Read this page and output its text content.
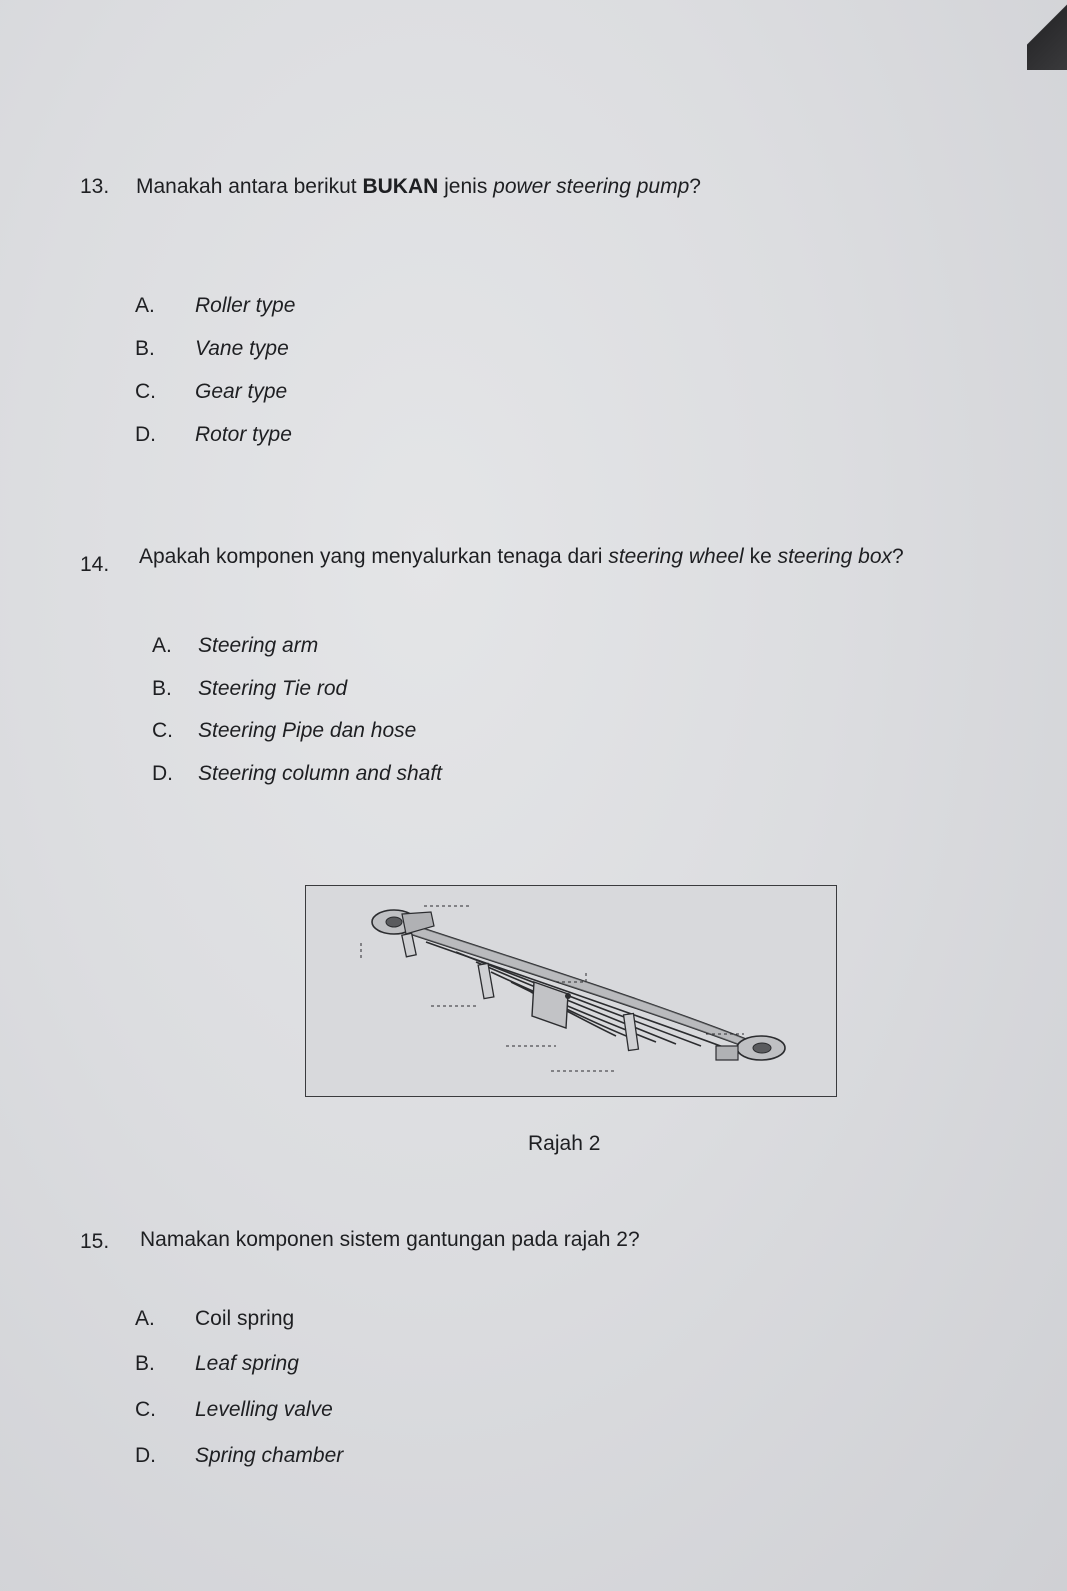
13. Manakah antara berikut BUKAN jenis power steering pump?
A. Roller type
B. Vane type
C. Gear type
D. Rotor type
14. Apakah komponen yang menyalurkan tenaga dari steering wheel ke steering box?
A. Steering arm
B. Steering Tie rod
C. Steering Pipe dan hose
D. Steering column and shaft
Rajah 2
15. Namakan komponen sistem gantungan pada rajah 2?
A. Coil spring
B. Leaf spring
C. Levelling valve
D. Spring chamber
